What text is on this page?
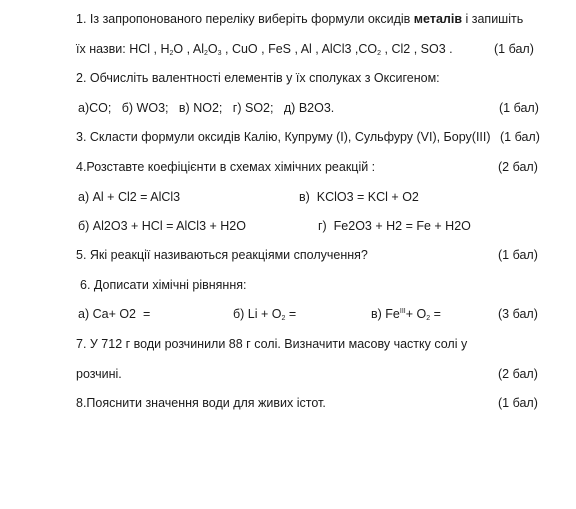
1. Із запропонованого переліку виберіть формули оксидів металів і запишіть
їх назви: HCl , $H_2O$ , $Al_2O_3$ , CuO , FeS , Al , AlCl3 $,CO_2$ , Cl2 , SO3 .	(1 бал)
2. Обчисліть валентності елементів у їх сполуках з Оксигеном:
а)CO;   б) WO3;   в) NO2;   г) SO2;   д) B2O3.	(1 бал)
3. Скласти формули оксидів Калію, Купруму (І), Сульфуру (VI), Бору(ІІІ) (1 бал)
4.Розставте коефіцієнти в схемах хімічних реакцій :	(2 бал)
а) Al + Cl2 = AlCl3	в)  KClO3 = KCl + O2
б) Al2O3 + HCl = AlCl3 + H2O	г)  Fe2O3 + H2 = Fe + H2O
5. Які реакції називаються реакціями сполучення?	(1 бал)
6. Дописати хімічні рівняння:
а) Ca+ O2  =	б) $Li + O_2$ =	в) $Fe^{ІІІ}+ O_2$ =	(3 бал)
7. У 712 г води розчинили 88 г солі. Визначити масову частку солі у
розчині.	(2 бал)
8.Пояснити значення води для живих істот.	(1 бал)
